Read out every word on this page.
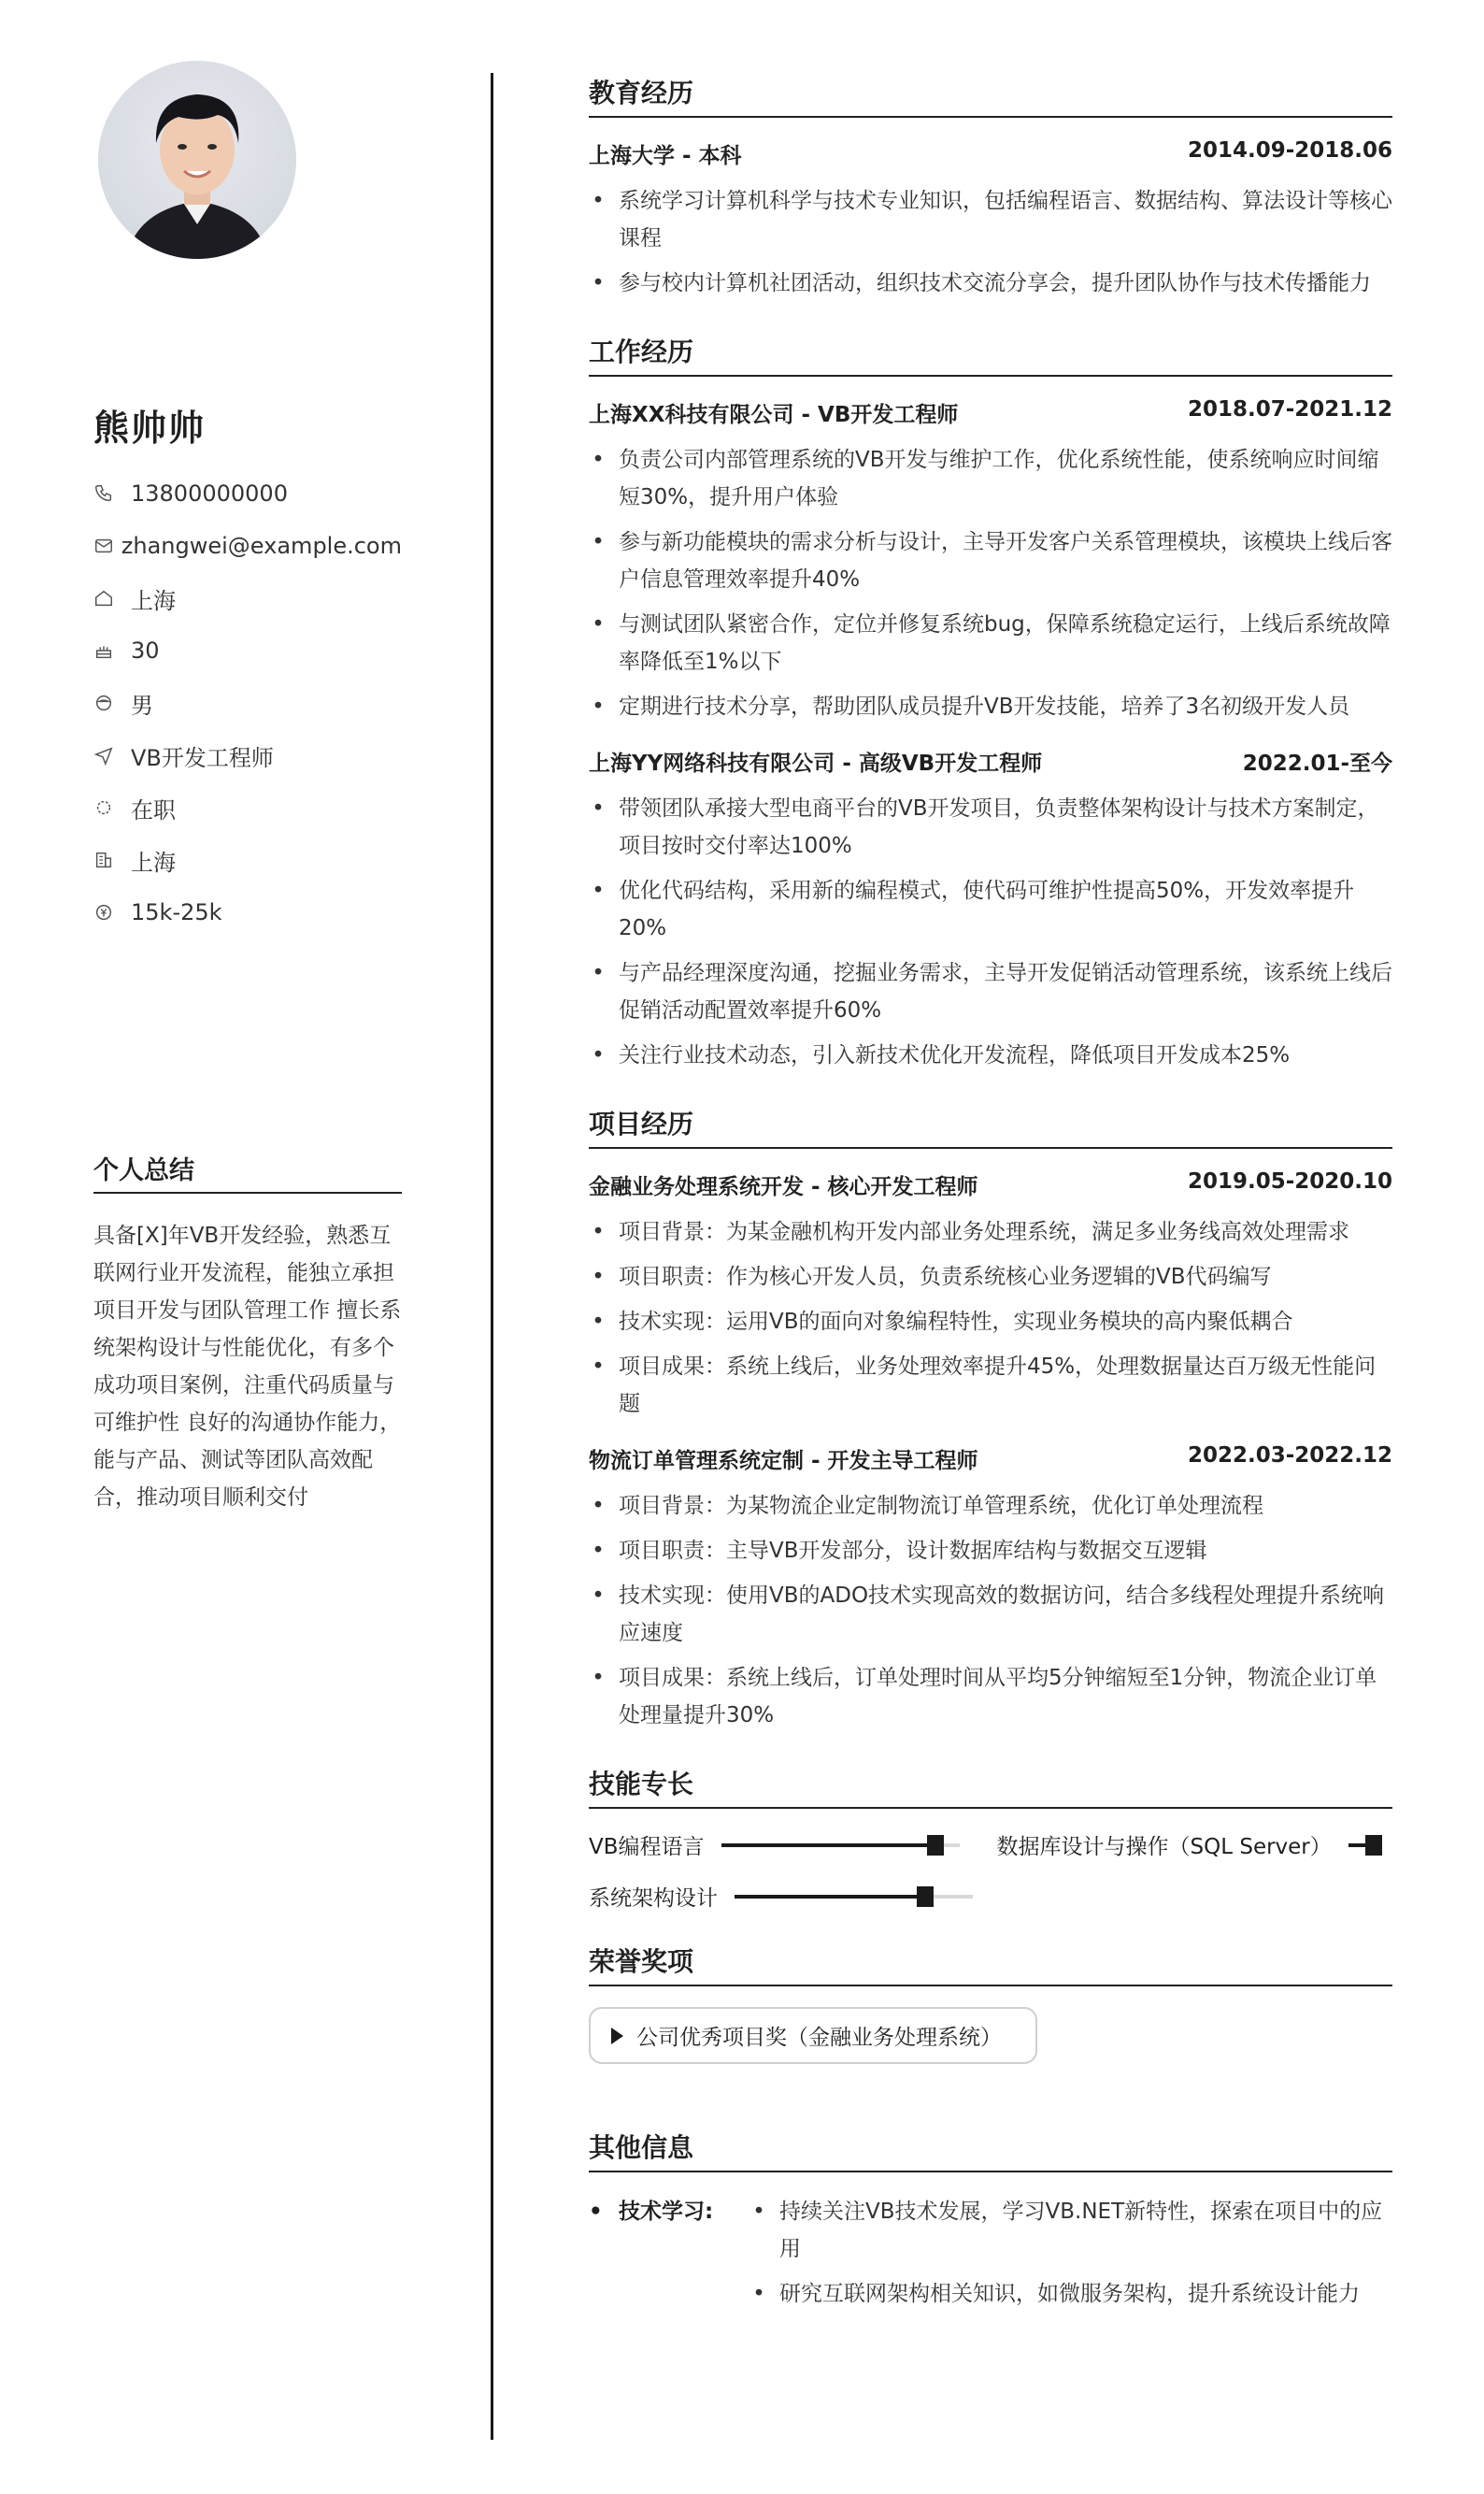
熊帅帅
13800000000
zhangwei@example.com
上海
30
男
VB开发工程师
在职
上海
15k-25k
个人总结
具备[X]年VB开发经验，熟悉互联网行业开发流程，能独立承担项目开发与团队管理工作 擅长系统架构设计与性能优化，有多个成功项目案例，注重代码质量与可维护性 良好的沟通协作能力，能与产品、测试等团队高效配合，推动项目顺利交付
教育经历
上海大学 - 本科	2014.09-2018.06
• 系统学习计算机科学与技术专业知识，包括编程语言、数据结构、算法设计等核心课程
• 参与校内计算机社团活动，组织技术交流分享会，提升团队协作与技术传播能力
工作经历
上海XX科技有限公司 - VB开发工程师	2018.07-2021.12
• 负责公司内部管理系统的VB开发与维护工作，优化系统性能，使系统响应时间缩短30%，提升用户体验
• 参与新功能模块的需求分析与设计，主导开发客户关系管理模块，该模块上线后客户信息管理效率提升40%
• 与测试团队紧密合作，定位并修复系统bug，保障系统稳定运行，上线后系统故障率降低至1%以下
• 定期进行技术分享，帮助团队成员提升VB开发技能，培养了3名初级开发人员
上海YY网络科技有限公司 - 高级VB开发工程师	2022.01-至今
• 带领团队承接大型电商平台的VB开发项目，负责整体架构设计与技术方案制定，项目按时交付率达100%
• 优化代码结构，采用新的编程模式，使代码可维护性提高50%，开发效率提升20%
• 与产品经理深度沟通，挖掘业务需求，主导开发促销活动管理系统，该系统上线后促销活动配置效率提升60%
• 关注行业技术动态，引入新技术优化开发流程，降低项目开发成本25%
项目经历
金融业务处理系统开发 - 核心开发工程师	2019.05-2020.10
• 项目背景：为某金融机构开发内部业务处理系统，满足多业务线高效处理需求
• 项目职责：作为核心开发人员，负责系统核心业务逻辑的VB代码编写
• 技术实现：运用VB的面向对象编程特性，实现业务模块的高内聚低耦合
• 项目成果：系统上线后，业务处理效率提升45%，处理数据量达百万级无性能问题
物流订单管理系统定制 - 开发主导工程师	2022.03-2022.12
• 项目背景：为某物流企业定制物流订单管理系统，优化订单处理流程
• 项目职责：主导VB开发部分，设计数据库结构与数据交互逻辑
• 技术实现：使用VB的ADO技术实现高效的数据访问，结合多线程处理提升系统响应速度
• 项目成果：系统上线后，订单处理时间从平均5分钟缩短至1分钟，物流企业订单处理量提升30%
技能专长
VB编程语言	数据库设计与操作（SQL Server）
系统架构设计
荣誉奖项
公司优秀项目奖（金融业务处理系统）
其他信息
• 技术学习:
•	持续关注VB技术发展，学习VB.NET新特性，探索在项目中的应用
• 研究互联网架构相关知识，如微服务架构，提升系统设计能力
